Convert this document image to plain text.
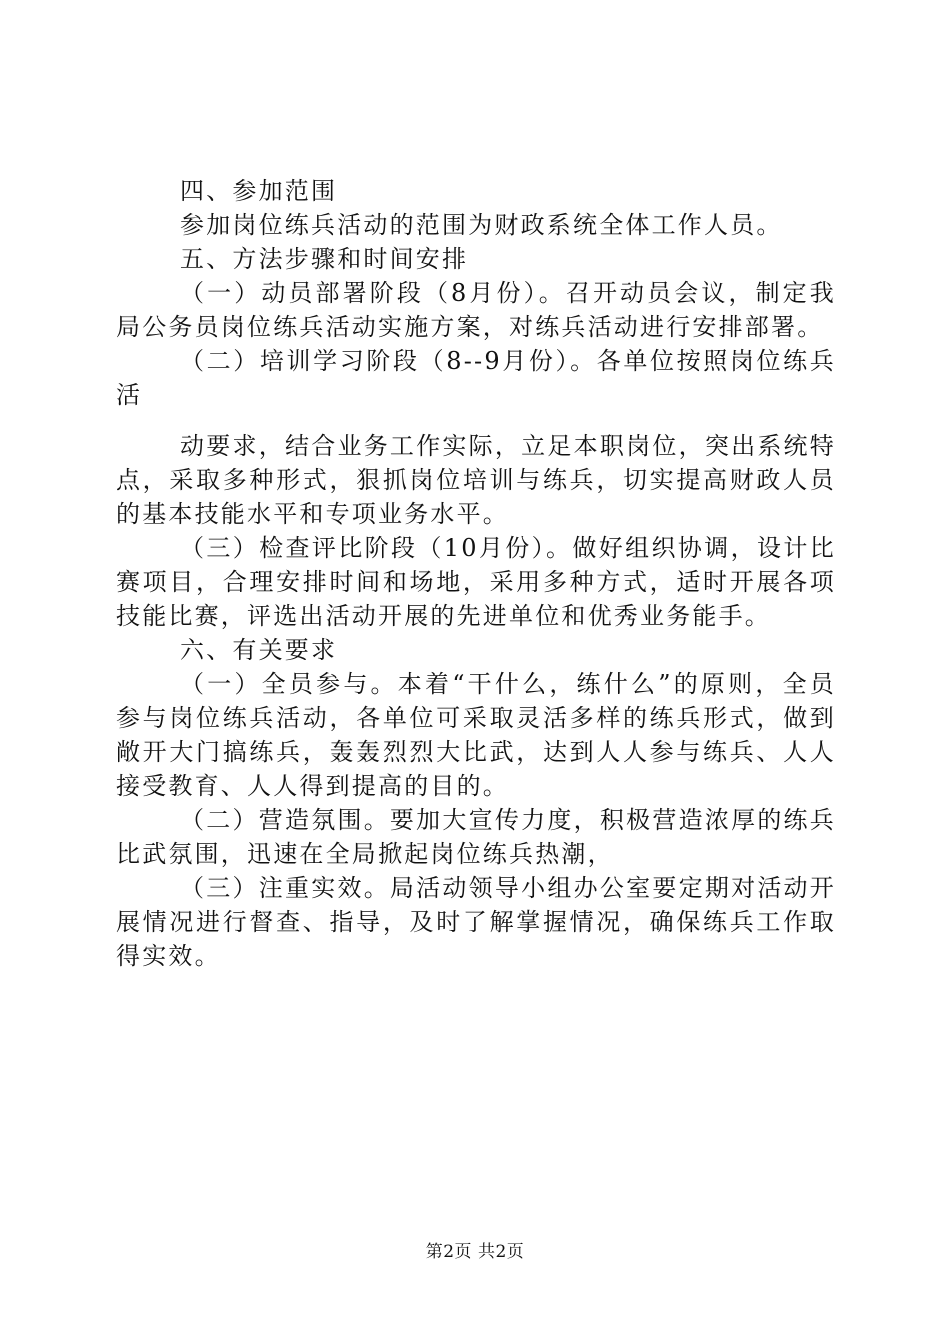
四、参加范围
参加岗位练兵活动的范围为财政系统全体工作人员。
五、方法步骤和时间安排
（一）动员部署阶段（8月份）。召开动员会议，制定我
局公务员岗位练兵活动实施方案，对练兵活动进行安排部署。
（二）培训学习阶段（8--9月份）。各单位按照岗位练兵
活
动要求，结合业务工作实际，立足本职岗位，突出系统特
点，采取多种形式，狠抓岗位培训与练兵，切实提高财政人员
的基本技能水平和专项业务水平。
（三）检查评比阶段（10月份）。做好组织协调，设计比
赛项目，合理安排时间和场地，采用多种方式，适时开展各项
技能比赛，评选出活动开展的先进单位和优秀业务能手。
六、有关要求
（一）全员参与。本着“干什么，练什么”的原则，全员
参与岗位练兵活动，各单位可采取灵活多样的练兵形式，做到
敞开大门搞练兵，轰轰烈烈大比武，达到人人参与练兵、人人
接受教育、人人得到提高的目的。
（二）营造氛围。要加大宣传力度，积极营造浓厚的练兵
比武氛围，迅速在全局掀起岗位练兵热潮，
（三）注重实效。局活动领导小组办公室要定期对活动开
展情况进行督查、指导，及时了解掌握情况，确保练兵工作取
得实效。
第2页 共2页
